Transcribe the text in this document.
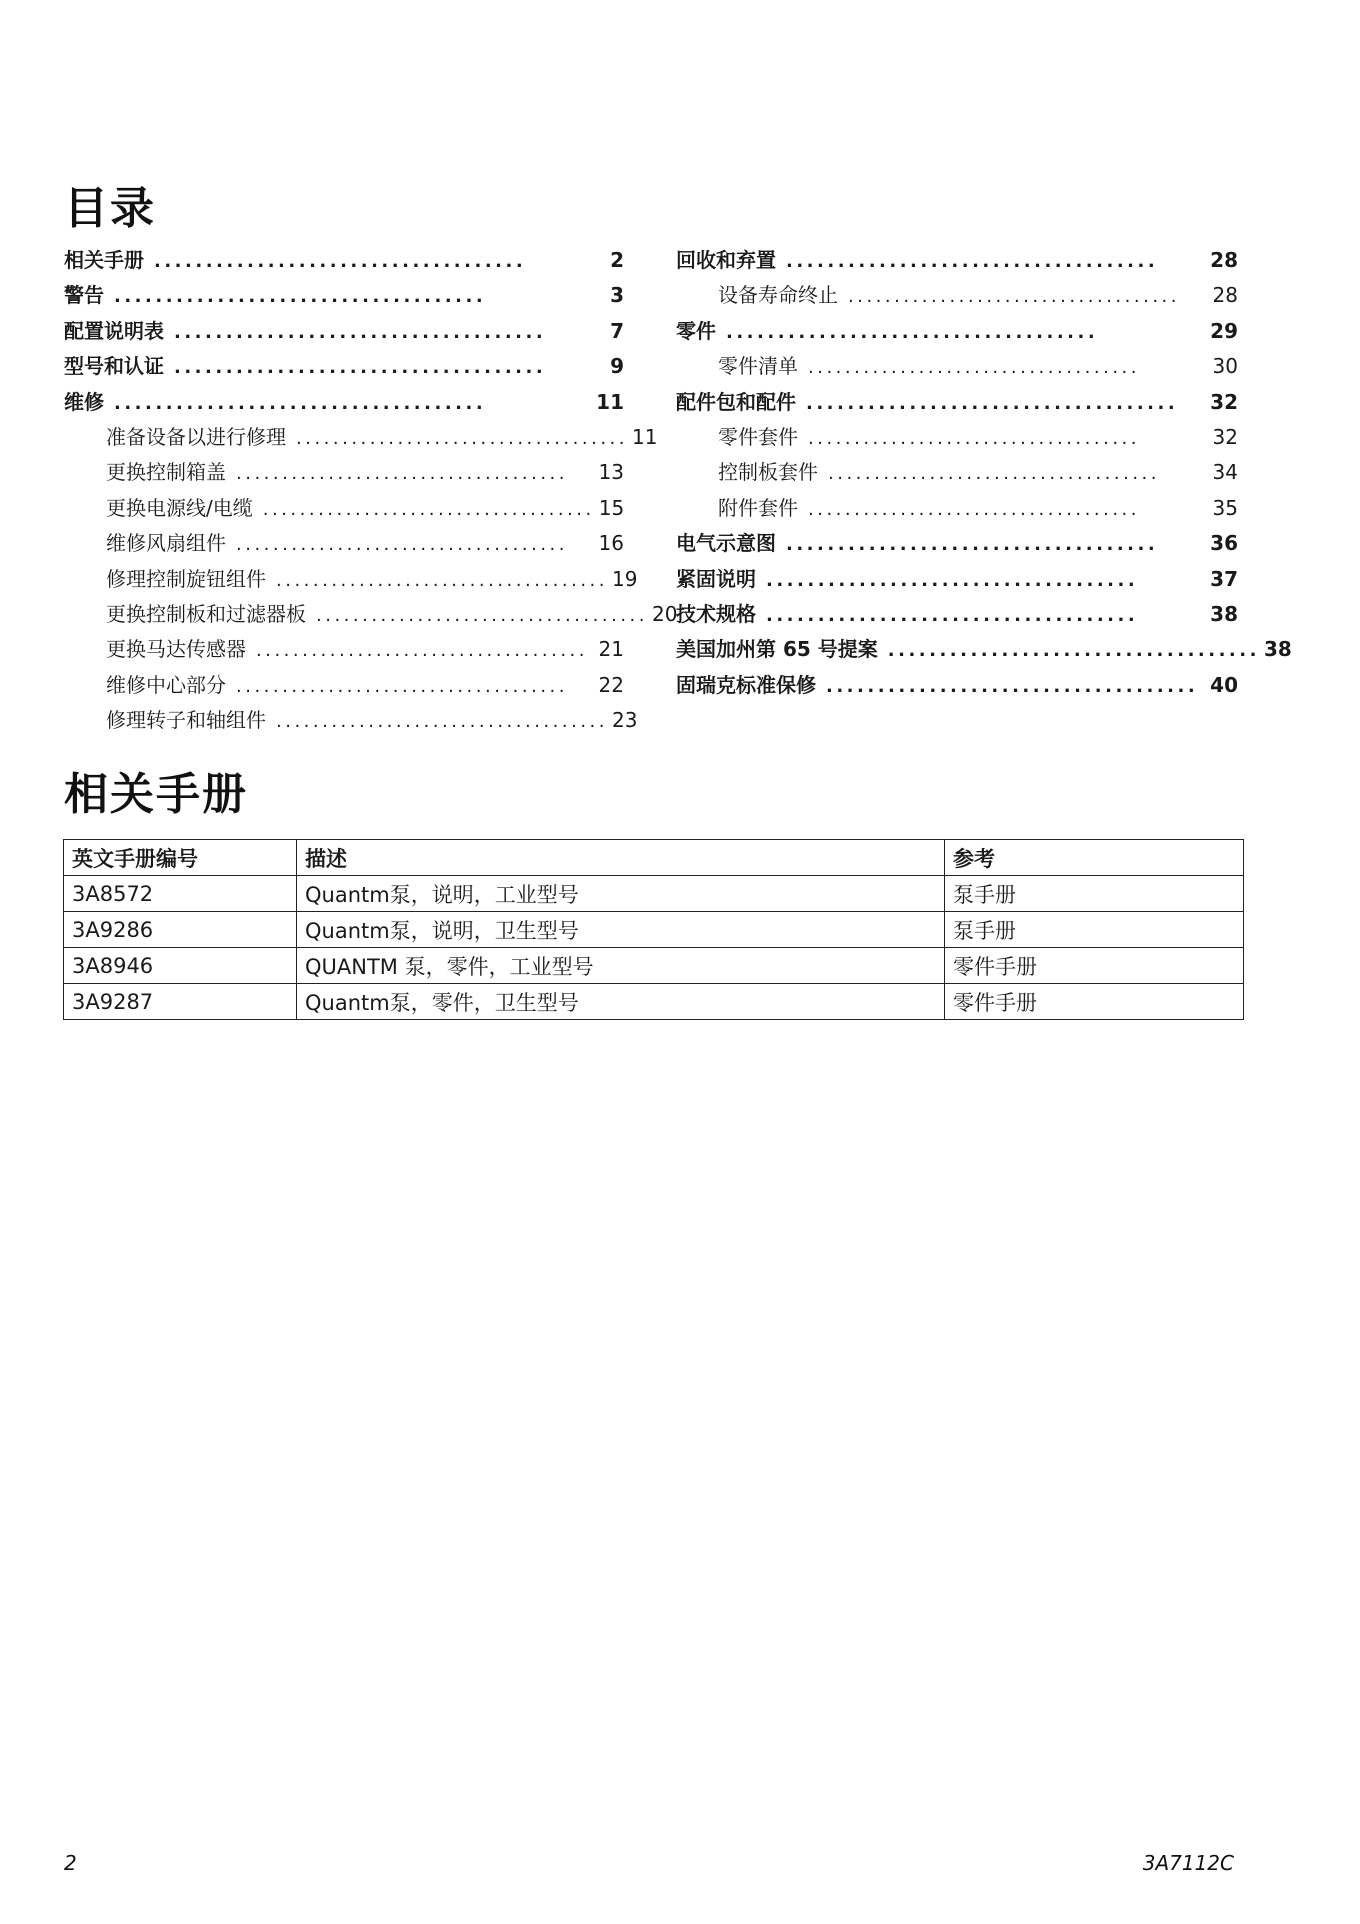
目录
相关手册 ....................................	2
警告 ....................................	3
配置说明表 ....................................	7
型号和认证 ....................................	9
维修 ....................................	11
准备设备以进行修理 .................................... 11
更换控制箱盖 ....................................	13
更换电源线/电缆 .................................... 15
维修风扇组件 ....................................	16
修理控制旋钮组件 .................................... 19
更换控制板和过滤器板 .................................... 20
更换马达传感器 .................................... 21
维修中心部分 ....................................	22
修理转子和轴组件 .................................... 23
回收和弃置 ....................................	28
设备寿命终止 ....................................	28
零件 ....................................	29
零件清单 ....................................	30
配件包和配件 ....................................	32
零件套件 ....................................	32
控制板套件 ....................................	34
附件套件 ....................................	35
电气示意图 ....................................	36
紧固说明 ....................................	37
技术规格 ....................................	38
美国加州第 65 号提案 .................................... 38
固瑞克标准保修 .................................... 40
相关手册
英文手册编号	描述	参考
3A8572	Quantm泵，说明，工业型号	泵手册
3A9286	Quantm泵，说明，卫生型号	泵手册
3A8946	QUANTM 泵，零件，工业型号	零件手册
3A9287	Quantm泵，零件，卫生型号	零件手册
2	3A7112C
